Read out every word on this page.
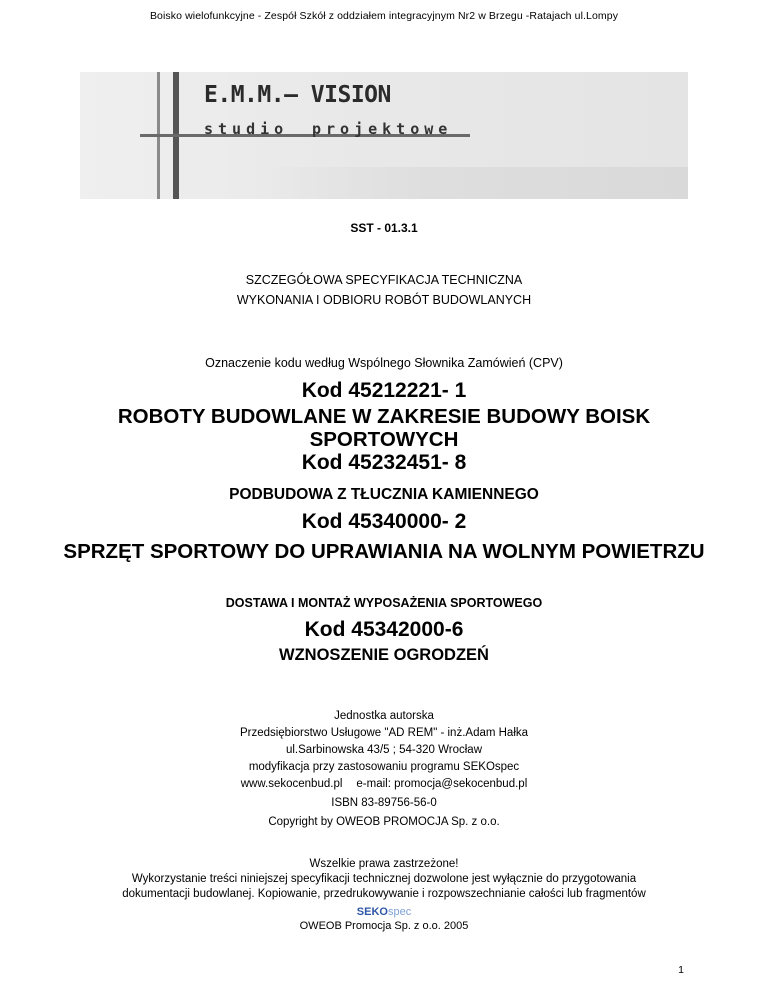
Boisko wielofunkcyjne - Zespół Szkół z oddziałem integracyjnym Nr2 w Brzegu -Ratajach ul.Lompy
E.M.M.— VISION
studio projektowe
SST - 01.3.1
SZCZEGÓŁOWA SPECYFIKACJA TECHNICZNA
WYKONANIA I ODBIORU ROBÓT BUDOWLANYCH
Oznaczenie kodu według Wspólnego Słownika Zamówień (CPV)
Kod 45212221- 1
ROBOTY BUDOWLANE W ZAKRESIE BUDOWY BOISK SPORTOWYCH
Kod 45232451- 8
PODBUDOWA Z TŁUCZNIA KAMIENNEGO
Kod 45340000- 2
SPRZĘT SPORTOWY DO UPRAWIANIA NA WOLNYM POWIETRZU
DOSTAWA I MONTAŻ WYPOSAŻENIA SPORTOWEGO
Kod 45342000-6
WZNOSZENIE OGRODZEŃ
Jednostka autorska
Przedsiębiorstwo Usługowe "AD REM" - inż.Adam Hałka
ul.Sarbinowska 43/5 ; 54-320 Wrocław
modyfikacja przy zastosowaniu programu SEKOspec
www.sekocenbud.pl e-mail: promocja@sekocenbud.pl
ISBN 83-89756-56-0
Copyright by OWEOB PROMOCJA Sp. z o.o.
Wszelkie prawa zastrzeżone!
Wykorzystanie treści niniejszej specyfikacji technicznej dozwolone jest wyłącznie do przygotowania
dokumentacji budowlanej. Kopiowanie, przedrukowywanie i rozpowszechnianie całości lub fragmentów
SEKOspec
OWEOB Promocja Sp. z o.o. 2005
1
